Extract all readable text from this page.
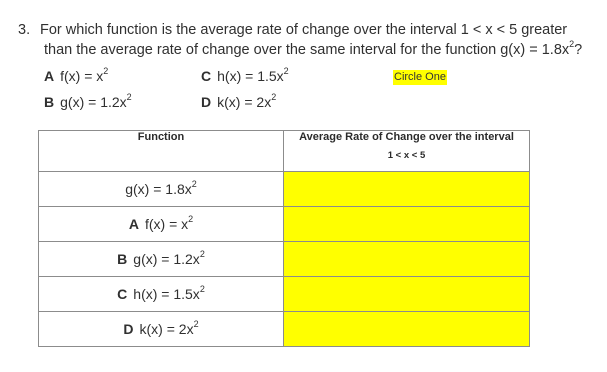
3. For which function is the average rate of change over the interval 1 < x < 5 greater
than the average rate of change over the same interval for the function $g(x) = 1.8x^2$?
A $f(x) = x^2$	C $h(x) = 1.5x^2$
B $g(x) = 1.2x^2$	D $k(x) = 2x^2$
Circle One
Function	Average Rate of Change over the interval
1 < x < 5

$g(x) = 1.8x^2$	
A $f(x) = x^2$	
B $g(x) = 1.2x^2$	
C $h(x) = 1.5x^2$	
D $k(x) = 2x^2$	
